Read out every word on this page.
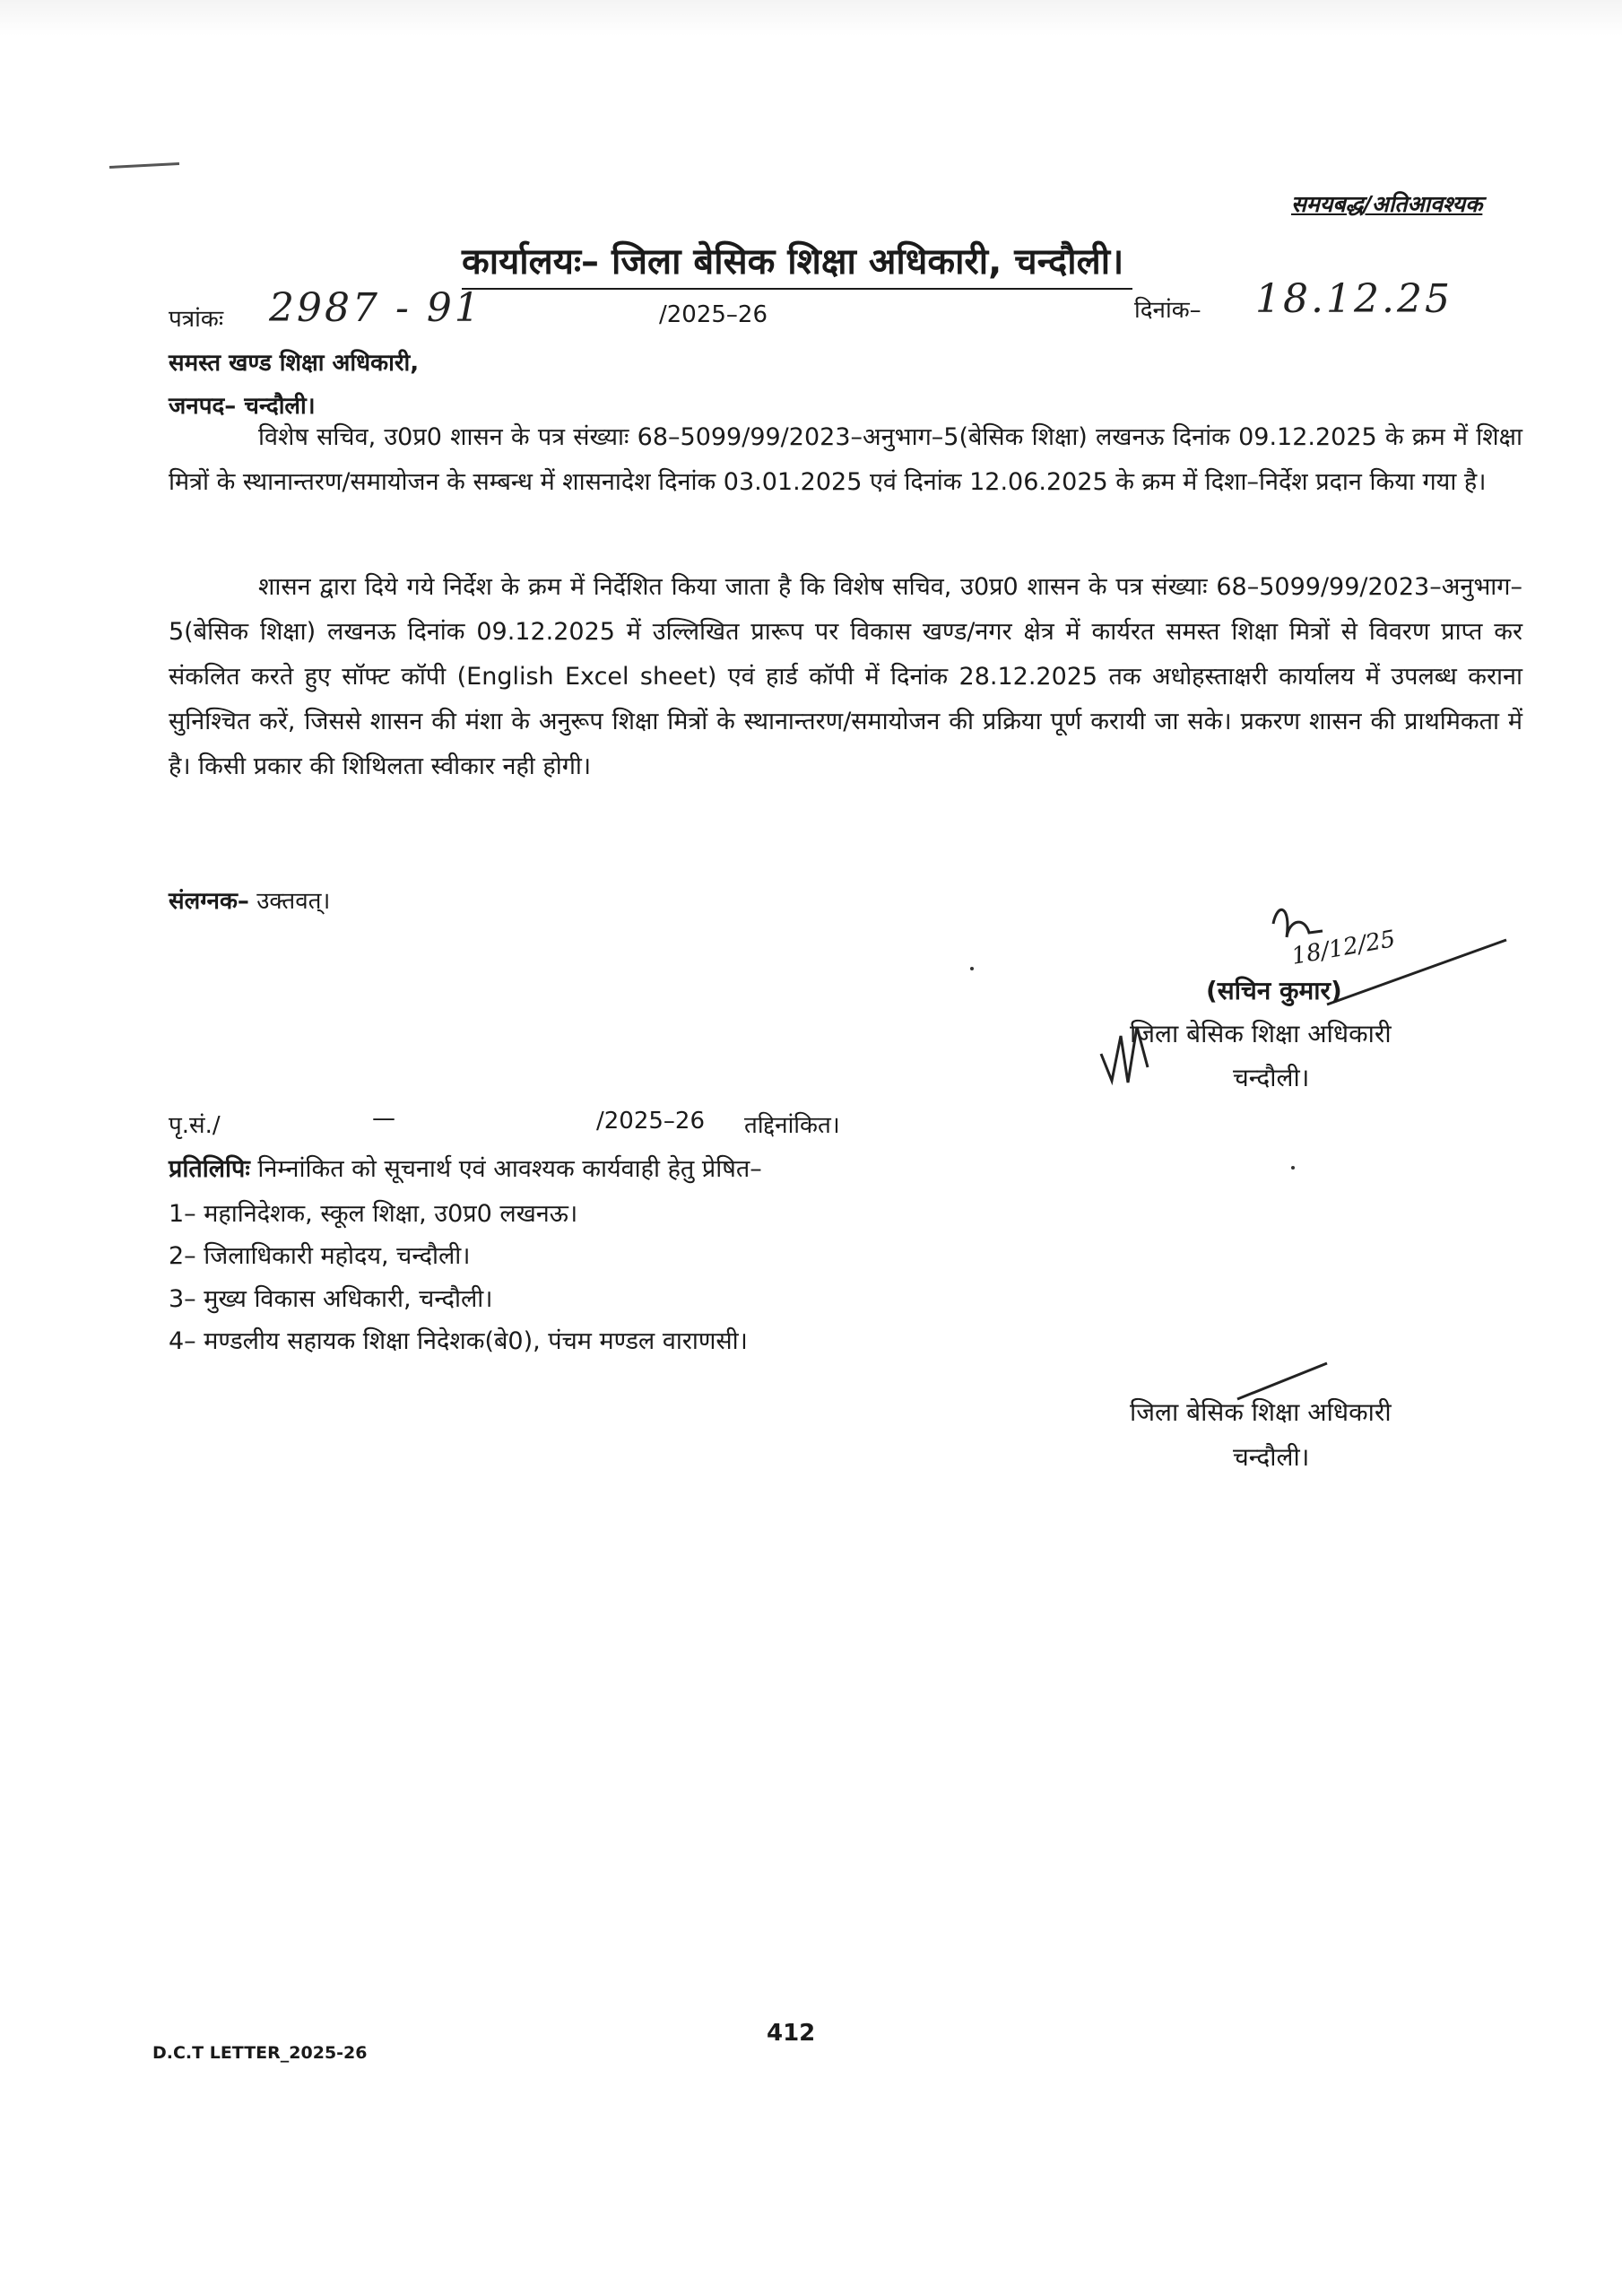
समयबद्ध/अतिआवश्यक
कार्यालयः– जिला बेसिक शिक्षा अधिकारी, चन्दौली।
पत्रांकः 2987 - 91	/2025–26	दिनांक– 18.12.25
समस्त खण्ड शिक्षा अधिकारी,
जनपद– चन्दौली।
विशेष सचिव, उ0प्र0 शासन के पत्र संख्याः 68–5099/99/2023–अनुभाग–5(बेसिक शिक्षा) लखनऊ दिनांक 09.12.2025 के क्रम में शिक्षा मित्रों के स्थानान्तरण/समायोजन के सम्बन्ध में शासनादेश दिनांक 03.01.2025 एवं दिनांक 12.06.2025 के क्रम में दिशा–निर्देश प्रदान किया गया है।
शासन द्वारा दिये गये निर्देश के क्रम में निर्देशित किया जाता है कि विशेष सचिव, उ0प्र0 शासन के पत्र संख्याः 68–5099/99/2023–अनुभाग–5(बेसिक शिक्षा) लखनऊ दिनांक 09.12.2025 में उल्लिखित प्रारूप पर विकास खण्ड/नगर क्षेत्र में कार्यरत समस्त शिक्षा मित्रों से विवरण प्राप्त कर संकलित करते हुए सॉफ्ट कॉपी (English Excel sheet) एवं हार्ड कॉपी में दिनांक 28.12.2025 तक अधोहस्ताक्षरी कार्यालय में उपलब्ध कराना सुनिश्चित करें, जिससे शासन की मंशा के अनुरूप शिक्षा मित्रों के स्थानान्तरण/समायोजन की प्रक्रिया पूर्ण करायी जा सके। प्रकरण शासन की प्राथमिकता में है। किसी प्रकार की शिथिलता स्वीकार नही होगी।
संलग्नक– उक्तवत्।
18/12/25
(सचिन कुमार)
जिला बेसिक शिक्षा अधिकारी
चन्दौली।
पृ.सं./	—	/2025–26 तद्दिनांकित।
प्रतिलिपिः निम्नांकित को सूचनार्थ एवं आवश्यक कार्यवाही हेतु प्रेषित–
1– महानिदेशक, स्कूल शिक्षा, उ0प्र0 लखनऊ।
2– जिलाधिकारी महोदय, चन्दौली।
3– मुख्य विकास अधिकारी, चन्दौली।
4– मण्डलीय सहायक शिक्षा निदेशक(बे0), पंचम मण्डल वाराणसी।
जिला बेसिक शिक्षा अधिकारी
चन्दौली।
D.C.T LETTER_2025-26
412
